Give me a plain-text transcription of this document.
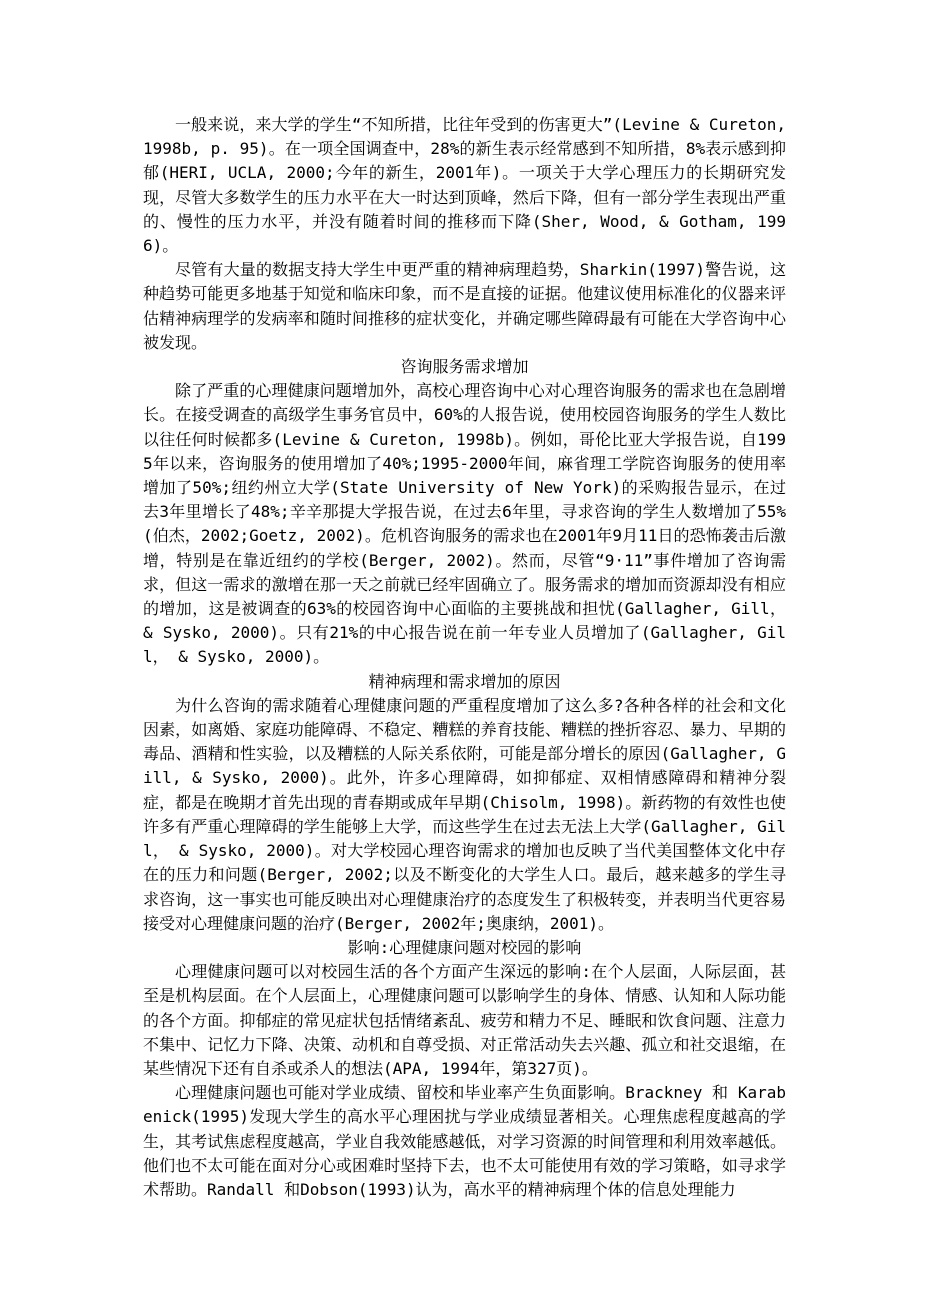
一般来说，来大学的学生“不知所措，比往年受到的伤害更大”(Levine & Cureton, 1998b, p. 95)。在一项全国调查中，28%的新生表示经常感到不知所措，8%表示感到抑郁(HERI, UCLA, 2000;今年的新生，2001年)。一项关于大学心理压力的长期研究发现，尽管大多数学生的压力水平在大一时达到顶峰，然后下降，但有一部分学生表现出严重的、慢性的压力水平，并没有随着时间的推移而下降(Sher, Wood, & Gotham, 1996)。

尽管有大量的数据支持大学生中更严重的精神病理趋势，Sharkin(1997)警告说，这种趋势可能更多地基于知觉和临床印象，而不是直接的证据。他建议使用标准化的仪器来评估精神病理学的发病率和随时间推移的症状变化，并确定哪些障碍最有可能在大学咨询中心被发现。

咨询服务需求增加

除了严重的心理健康问题增加外，高校心理咨询中心对心理咨询服务的需求也在急剧增长。在接受调查的高级学生事务官员中，60%的人报告说，使用校园咨询服务的学生人数比以往任何时候都多(Levine & Cureton, 1998b)。例如，哥伦比亚大学报告说，自1995年以来，咨询服务的使用增加了40%;1995-2000年间，麻省理工学院咨询服务的使用率增加了50%;纽约州立大学(State University of New York)的采购报告显示，在过去3年里增长了48%;辛辛那提大学报告说，在过去6年里，寻求咨询的学生人数增加了55%(伯杰，2002;Goetz, 2002)。危机咨询服务的需求也在2001年9月11日的恐怖袭击后激增，特别是在靠近纽约的学校(Berger, 2002)。然而，尽管“9·11”事件增加了咨询需求，但这一需求的激增在那一天之前就已经牢固确立了。服务需求的增加而资源却没有相应的增加，这是被调查的63%的校园咨询中心面临的主要挑战和担忧(Gallagher, Gill， & Sysko, 2000)。只有21%的中心报告说在前一年专业人员增加了(Gallagher, Gill， & Sysko, 2000)。

精神病理和需求增加的原因

为什么咨询的需求随着心理健康问题的严重程度增加了这么多?各种各样的社会和文化因素，如离婚、家庭功能障碍、不稳定、糟糕的养育技能、糟糕的挫折容忍、暴力、早期的毒品、酒精和性实验，以及糟糕的人际关系依附，可能是部分增长的原因(Gallagher, Gill, & Sysko, 2000)。此外，许多心理障碍，如抑郁症、双相情感障碍和精神分裂症，都是在晚期才首先出现的青春期或成年早期(Chisolm, 1998)。新药物的有效性也使许多有严重心理障碍的学生能够上大学，而这些学生在过去无法上大学(Gallagher, Gill， & Sysko, 2000)。对大学校园心理咨询需求的增加也反映了当代美国整体文化中存在的压力和问题(Berger, 2002;以及不断变化的大学生人口。最后，越来越多的学生寻求咨询，这一事实也可能反映出对心理健康治疗的态度发生了积极转变，并表明当代更容易接受对心理健康问题的治疗(Berger, 2002年;奥康纳，2001)。

影响:心理健康问题对校园的影响

心理健康问题可以对校园生活的各个方面产生深远的影响:在个人层面，人际层面，甚至是机构层面。在个人层面上，心理健康问题可以影响学生的身体、情感、认知和人际功能的各个方面。抑郁症的常见症状包括情绪紊乱、疲劳和精力不足、睡眠和饮食问题、注意力不集中、记忆力下降、决策、动机和自尊受损、对正常活动失去兴趣、孤立和社交退缩，在某些情况下还有自杀或杀人的想法(APA, 1994年，第327页)。

心理健康问题也可能对学业成绩、留校和毕业率产生负面影响。Brackney 和 Karabenick(1995)发现大学生的高水平心理困扰与学业成绩显著相关。心理焦虑程度越高的学生，其考试焦虑程度越高，学业自我效能感越低，对学习资源的时间管理和利用效率越低。他们也不太可能在面对分心或困难时坚持下去，也不太可能使用有效的学习策略，如寻求学术帮助。Randall 和Dobson(1993)认为，高水平的精神病理个体的信息处理能力
